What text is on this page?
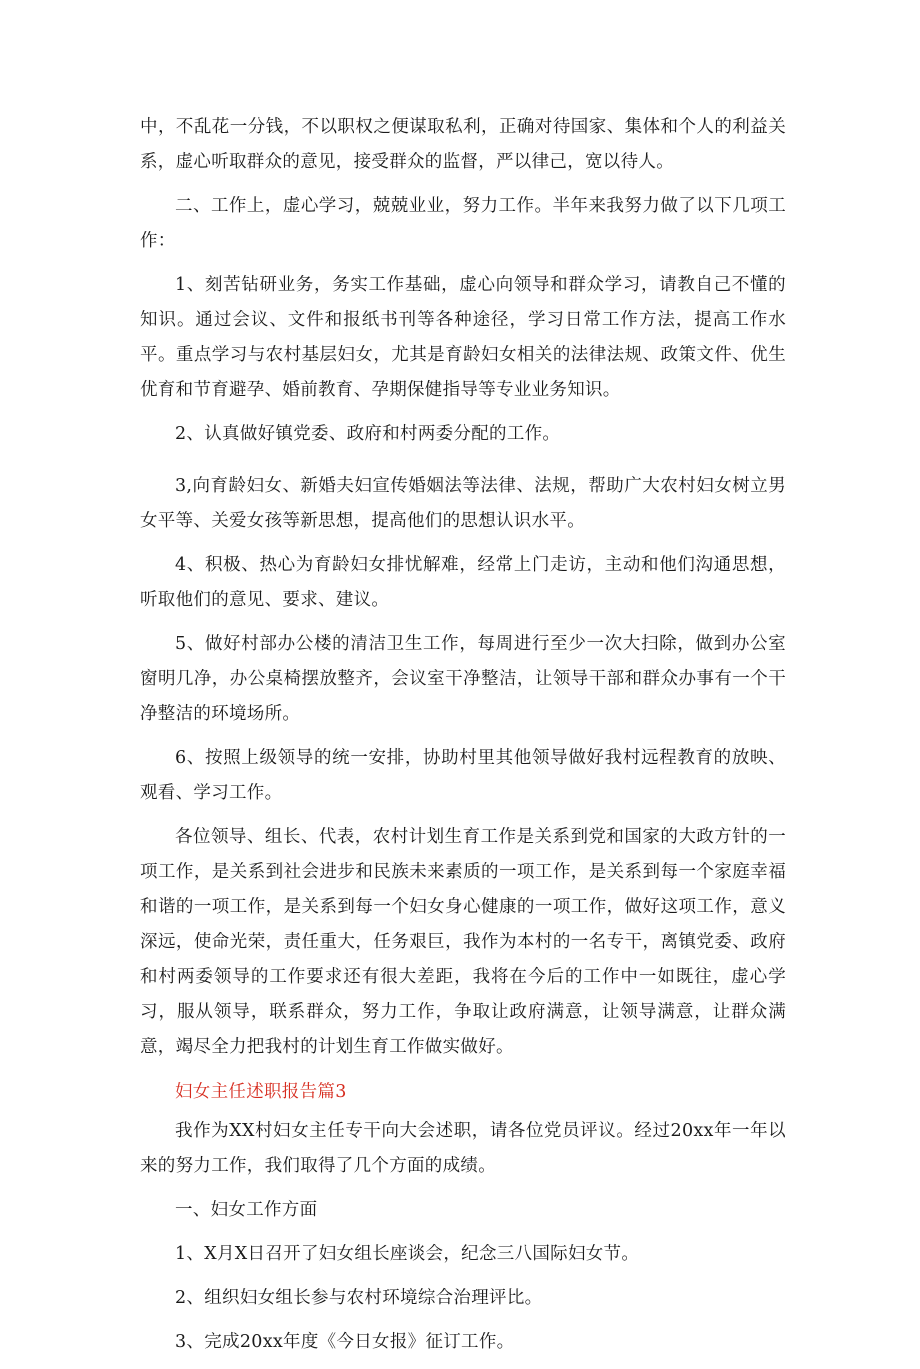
中，不乱花一分钱，不以职权之便谋取私利，正确对待国家、集体和个人的利益关系，虚心听取群众的意见，接受群众的监督，严以律己，宽以待人。

二、工作上，虚心学习，兢兢业业，努力工作。半年来我努力做了以下几项工作：

1、刻苦钻研业务，务实工作基础，虚心向领导和群众学习，请教自己不懂的知识。通过会议、文件和报纸书刊等各种途径，学习日常工作方法，提高工作水平。重点学习与农村基层妇女，尤其是育龄妇女相关的法律法规、政策文件、优生优育和节育避孕、婚前教育、孕期保健指导等专业业务知识。

2、认真做好镇党委、政府和村两委分配的工作。

3,向育龄妇女、新婚夫妇宣传婚姻法等法律、法规，帮助广大农村妇女树立男女平等、关爱女孩等新思想，提高他们的思想认识水平。

4、积极、热心为育龄妇女排忧解难，经常上门走访，主动和他们沟通思想，听取他们的意见、要求、建议。

5、做好村部办公楼的清洁卫生工作，每周进行至少一次大扫除，做到办公室窗明几净，办公桌椅摆放整齐，会议室干净整洁，让领导干部和群众办事有一个干净整洁的环境场所。

6、按照上级领导的统一安排，协助村里其他领导做好我村远程教育的放映、观看、学习工作。

各位领导、组长、代表，农村计划生育工作是关系到党和国家的大政方针的一项工作，是关系到社会进步和民族未来素质的一项工作，是关系到每一个家庭幸福和谐的一项工作，是关系到每一个妇女身心健康的一项工作，做好这项工作，意义深远，使命光荣，责任重大，任务艰巨，我作为本村的一名专干，离镇党委、政府和村两委领导的工作要求还有很大差距，我将在今后的工作中一如既往，虚心学习，服从领导，联系群众，努力工作，争取让政府满意，让领导满意，让群众满意，竭尽全力把我村的计划生育工作做实做好。

妇女主任述职报告篇3

我作为XX村妇女主任专干向大会述职，请各位党员评议。经过20xx年一年以来的努力工作，我们取得了几个方面的成绩。

一、妇女工作方面

1、X月X日召开了妇女组长座谈会，纪念三八国际妇女节。

2、组织妇女组长参与农村环境综合治理评比。

3、完成20xx年度《今日女报》征订工作。
